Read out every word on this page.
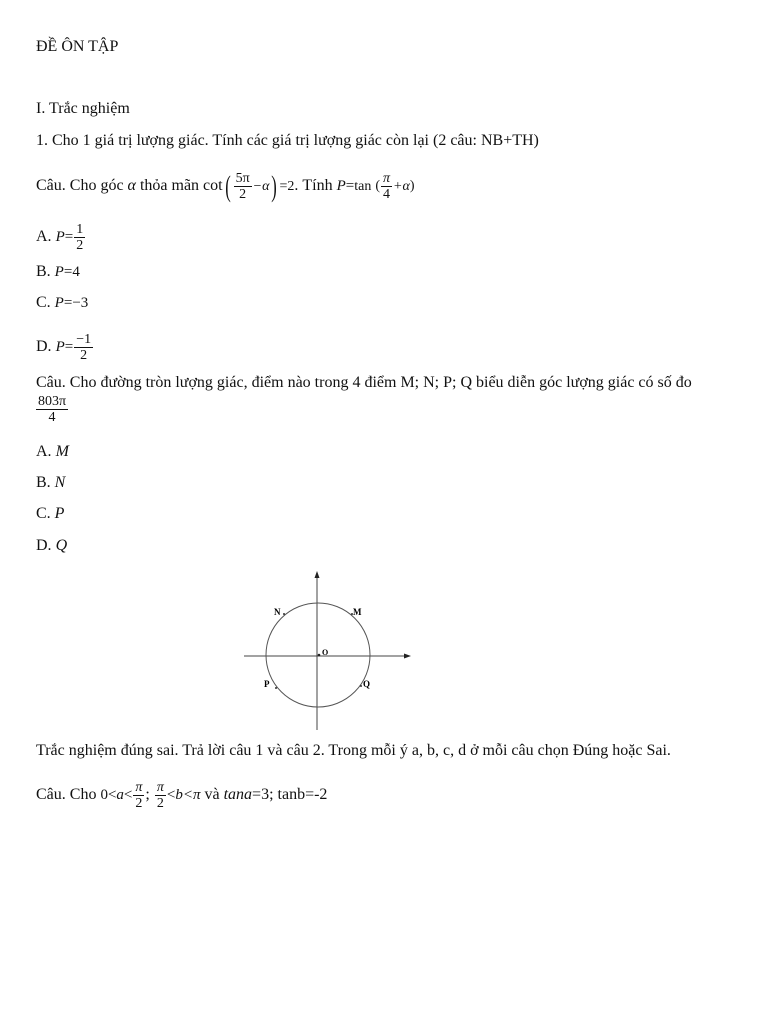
ĐỀ ÔN TẬP
I. Trắc nghiệm
1. Cho 1 giá trị lượng giác. Tính các giá trị lượng giác còn lại (2 câu: NB+TH)
Câu. Cho góc α thỏa mãn $\cot( \frac{5\pi}{2} -\alpha) =2$. Tính P=tan ( $\frac{\pi}{4} +\alpha$)
A. $P= \frac{1}{2}$
B. P=4
C. P=−3
D. $P= \frac{-1}{2}$
Câu. Cho đường tròn lượng giác, điểm nào trong 4 điểm M; N; P; Q biểu diễn góc lượng giác có số đo
$\frac{803\pi}{4}$
A. M
B. N
C. P
D. Q
N	M
O
P	Q
Trắc nghiệm đúng sai. Trả lời câu 1 và câu 2. Trong mỗi ý a, b, c, d ở mỗi câu chọn Đúng hoặc Sai.
Câu. Cho $0<a< \frac{\pi}{2}$ ; $\frac{\pi}{2} <b<\pi$ và tana=3; tanb=-2
